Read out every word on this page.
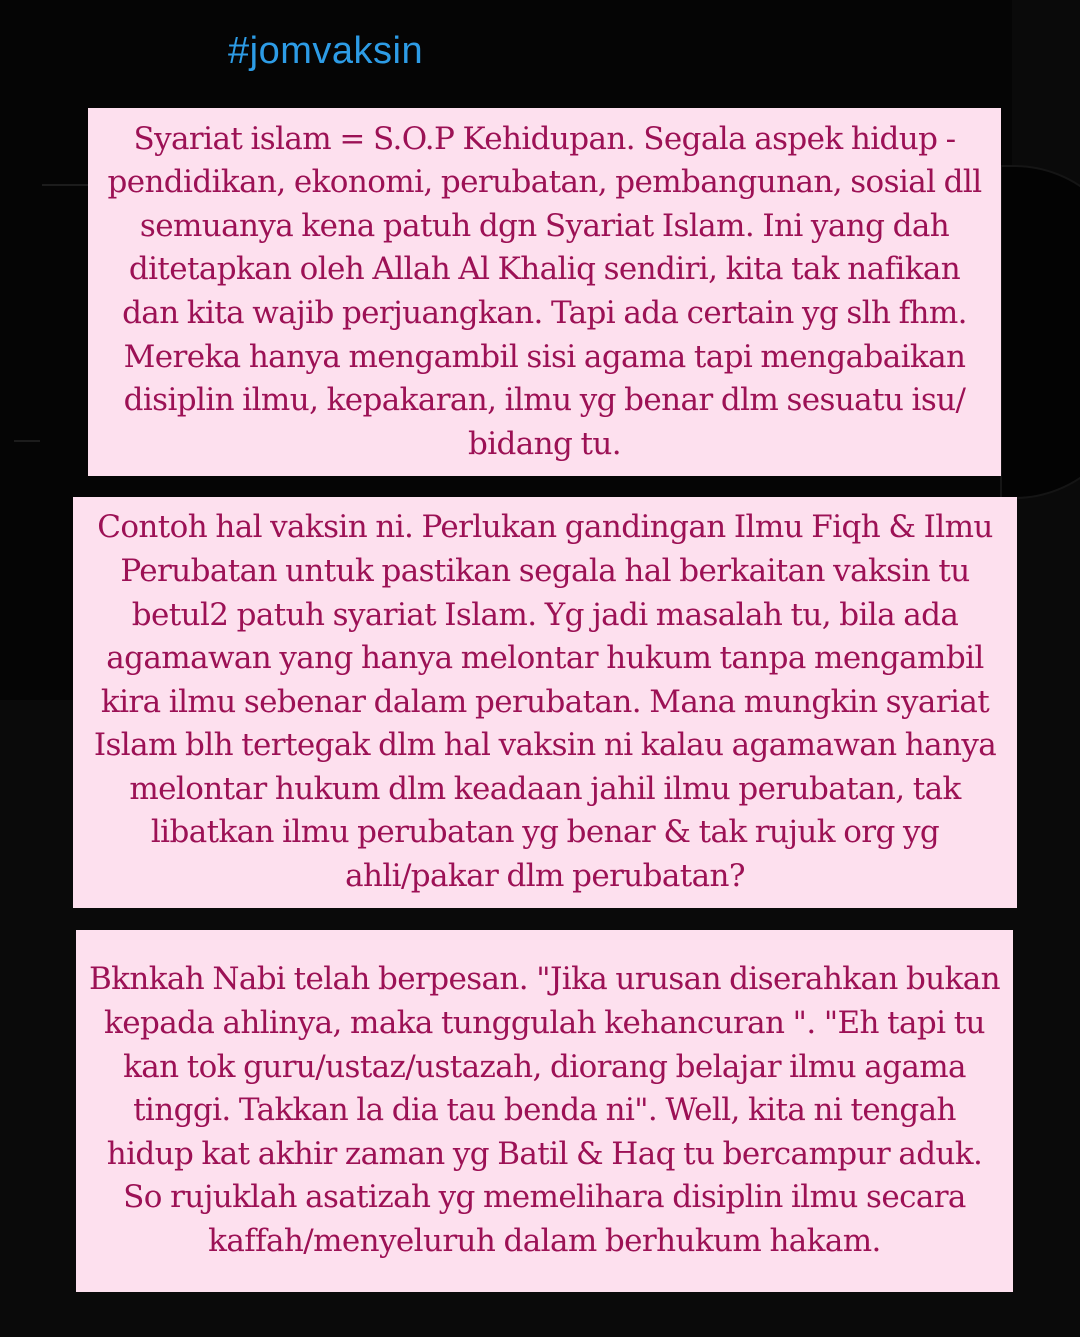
#jomvaksin

Syariat islam = S.O.P Kehidupan. Segala aspek hidup - pendidikan, ekonomi, perubatan, pembangunan, sosial dll semuanya kena patuh dgn Syariat Islam. Ini yang dah ditetapkan oleh Allah Al Khaliq sendiri, kita tak nafikan dan kita wajib perjuangkan. Tapi ada certain yg slh fhm. Mereka hanya mengambil sisi agama tapi mengabaikan disiplin ilmu, kepakaran, ilmu yg benar dlm sesuatu isu/ bidang tu.

Contoh hal vaksin ni. Perlukan gandingan Ilmu Fiqh & Ilmu Perubatan untuk pastikan segala hal berkaitan vaksin tu betul2 patuh syariat Islam. Yg jadi masalah tu, bila ada agamawan yang hanya melontar hukum tanpa mengambil kira ilmu sebenar dalam perubatan. Mana mungkin syariat Islam blh tertegak dlm hal vaksin ni kalau agamawan hanya melontar hukum dlm keadaan jahil ilmu perubatan, tak libatkan ilmu perubatan yg benar & tak rujuk org yg ahli/pakar dlm perubatan?

Bknkah Nabi telah berpesan. "Jika urusan diserahkan bukan kepada ahlinya, maka tunggulah kehancuran ". "Eh tapi tu kan tok guru/ustaz/ustazah, diorang belajar ilmu agama tinggi. Takkan la dia tau benda ni". Well, kita ni tengah hidup kat akhir zaman yg Batil & Haq tu bercampur aduk. So rujuklah asatizah yg memelihara disiplin ilmu secara kaffah/menyeluruh dalam berhukum hakam.
